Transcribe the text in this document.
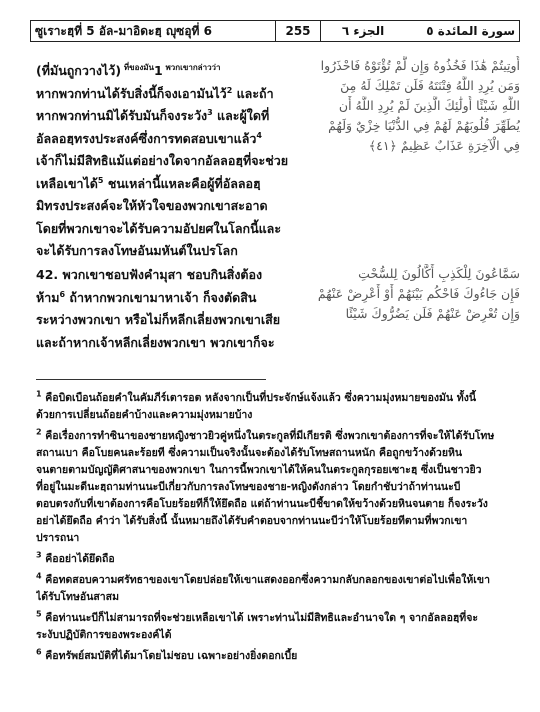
ซูเราะฮฺที่ 5 อัล-มาอิดะฮฺ ญุซอุที่ 6	255	الجزء ٦	سورة المائدة ٥
أُوتِيتُمْ هَٰذَا فَخُذُوهُ وَإِن لَّمْ تُؤْتَوْهُ فَاحْذَرُوا
وَمَن يُرِدِ اللَّهُ فِتْنَتَهُ فَلَن تَمْلِكَ لَهُ مِنَ
اللَّهِ شَيْئًا أُولَٰئِكَ الَّذِينَ لَمْ يُرِدِ اللَّهُ أَن
يُطَهِّرَ قُلُوبَهُمْ لَهُمْ فِي الدُّنْيَا خِزْيٌ وَلَهُمْ
فِي الْآخِرَةِ عَذَابٌ عَظِيمٌ ﴿٤١﴾
سَمَّاعُونَ لِلْكَذِبِ أَكَّالُونَ لِلسُّحْتِ
فَإِن جَاءُوكَ فَاحْكُم بَيْنَهُمْ أَوْ أَعْرِضْ عَنْهُمْ
وَإِن تُعْرِضْ عَنْهُمْ فَلَن يَضُرُّوكَ شَيْئًا
(ที่มันถูกวางไว้) $^{ที่ของมัน}$1 $^{พวกเขากล่าวว่า}$
หากพวกท่านได้รับสิ่งนี้ก็จงเอามันไว้$^2$ และถ้า
หากพวกท่านมิได้รับมันก็จงระวัง$^3$ และผู้ใดที่
อัลลอฮฺทรงประสงค์ซึ่งการทดสอบเขาแล้ว$^4$
เจ้าก็ไม่มีสิทธิแม้แต่อย่างใดจากอัลลอฮฺที่จะช่วย
เหลือเขาได้$^5$ ชนเหล่านี้แหละคือผู้ที่อัลลอฮฺ
มิทรงประสงค์จะให้หัวใจของพวกเขาสะอาด
โดยที่พวกเขาจะได้รับความอัปยศในโลกนี้และ
จะได้รับการลงโทษอันมหันต์ในปรโลก
42. พวกเขาชอบฟังคำมุสา ชอบกินสิ่งต้อง
ห้าม$^6$ ถ้าหากพวกเขามาหาเจ้า ก็จงตัดสิน
ระหว่างพวกเขา หรือไม่ก็หลีกเลี่ยงพวกเขาเสีย
และถ้าหากเจ้าหลีกเลี่ยงพวกเขา พวกเขาก็จะ
$^1$ คือบิดเบือนถ้อยคำในคัมภีร์เตารอต หลังจากเป็นที่ประจักษ์แจ้งแล้ว ซึ่งความมุ่งหมายของมัน ทั้งนี้
ด้วยการเปลี่ยนถ้อยคำบ้างและความมุ่งหมายบ้าง
$^2$ คือเรื่องการทำซินาของชายหญิงชาวยิวคู่หนึ่งในตระกูลที่มีเกียรติ ซึ่งพวกเขาต้องการที่จะให้ได้รับโทษ
สถานเบา คือโบยคนละร้อยที ซึ่งความเป็นจริงนั้นจะต้องได้รับโทษสถานหนัก คือถูกขว้างด้วยหิน
จนตายตามบัญญัติศาสนาของพวกเขา ในการนี้พวกเขาได้ให้คนในตระกูลกุรอยเซาะฮฺ ซึ่งเป็นชาวยิว
ที่อยู่ในมะดีนะฮฺถามท่านนะบีเกี่ยวกับการลงโทษของชาย-หญิงดังกล่าว โดยกำชับว่าถ้าท่านนะบี
ตอบตรงกับที่เขาต้องการคือโบยร้อยทีก็ให้ยึดถือ แต่ถ้าท่านนะบีชี้ขาดให้ขว้างด้วยหินจนตาย ก็จงระวัง
อย่าได้ยึดถือ คำว่า ได้รับสิ่งนี้ นั้นหมายถึงได้รับคำตอบจากท่านนะบีว่าให้โบยร้อยทีตามที่พวกเขา
ปรารถนา
$^3$ คืออย่าได้ยึดถือ
$^4$ คือทดสอบความศรัทธาของเขาโดยปล่อยให้เขาแสดงออกซึ่งความกลับกลอกของเขาต่อไปเพื่อให้เขา
ได้รับโทษอันสาสม
$^5$ คือท่านนะบีก็ไม่สามารถที่จะช่วยเหลือเขาได้ เพราะท่านไม่มีสิทธิและอำนาจใด ๆ จากอัลลอฮฺที่จะ
ระงับปฏิบัติการของพระองค์ได้
$^6$ คือทรัพย์สมบัติที่ได้มาโดยไม่ชอบ เฉพาะอย่างยิ่งดอกเบี้ย
